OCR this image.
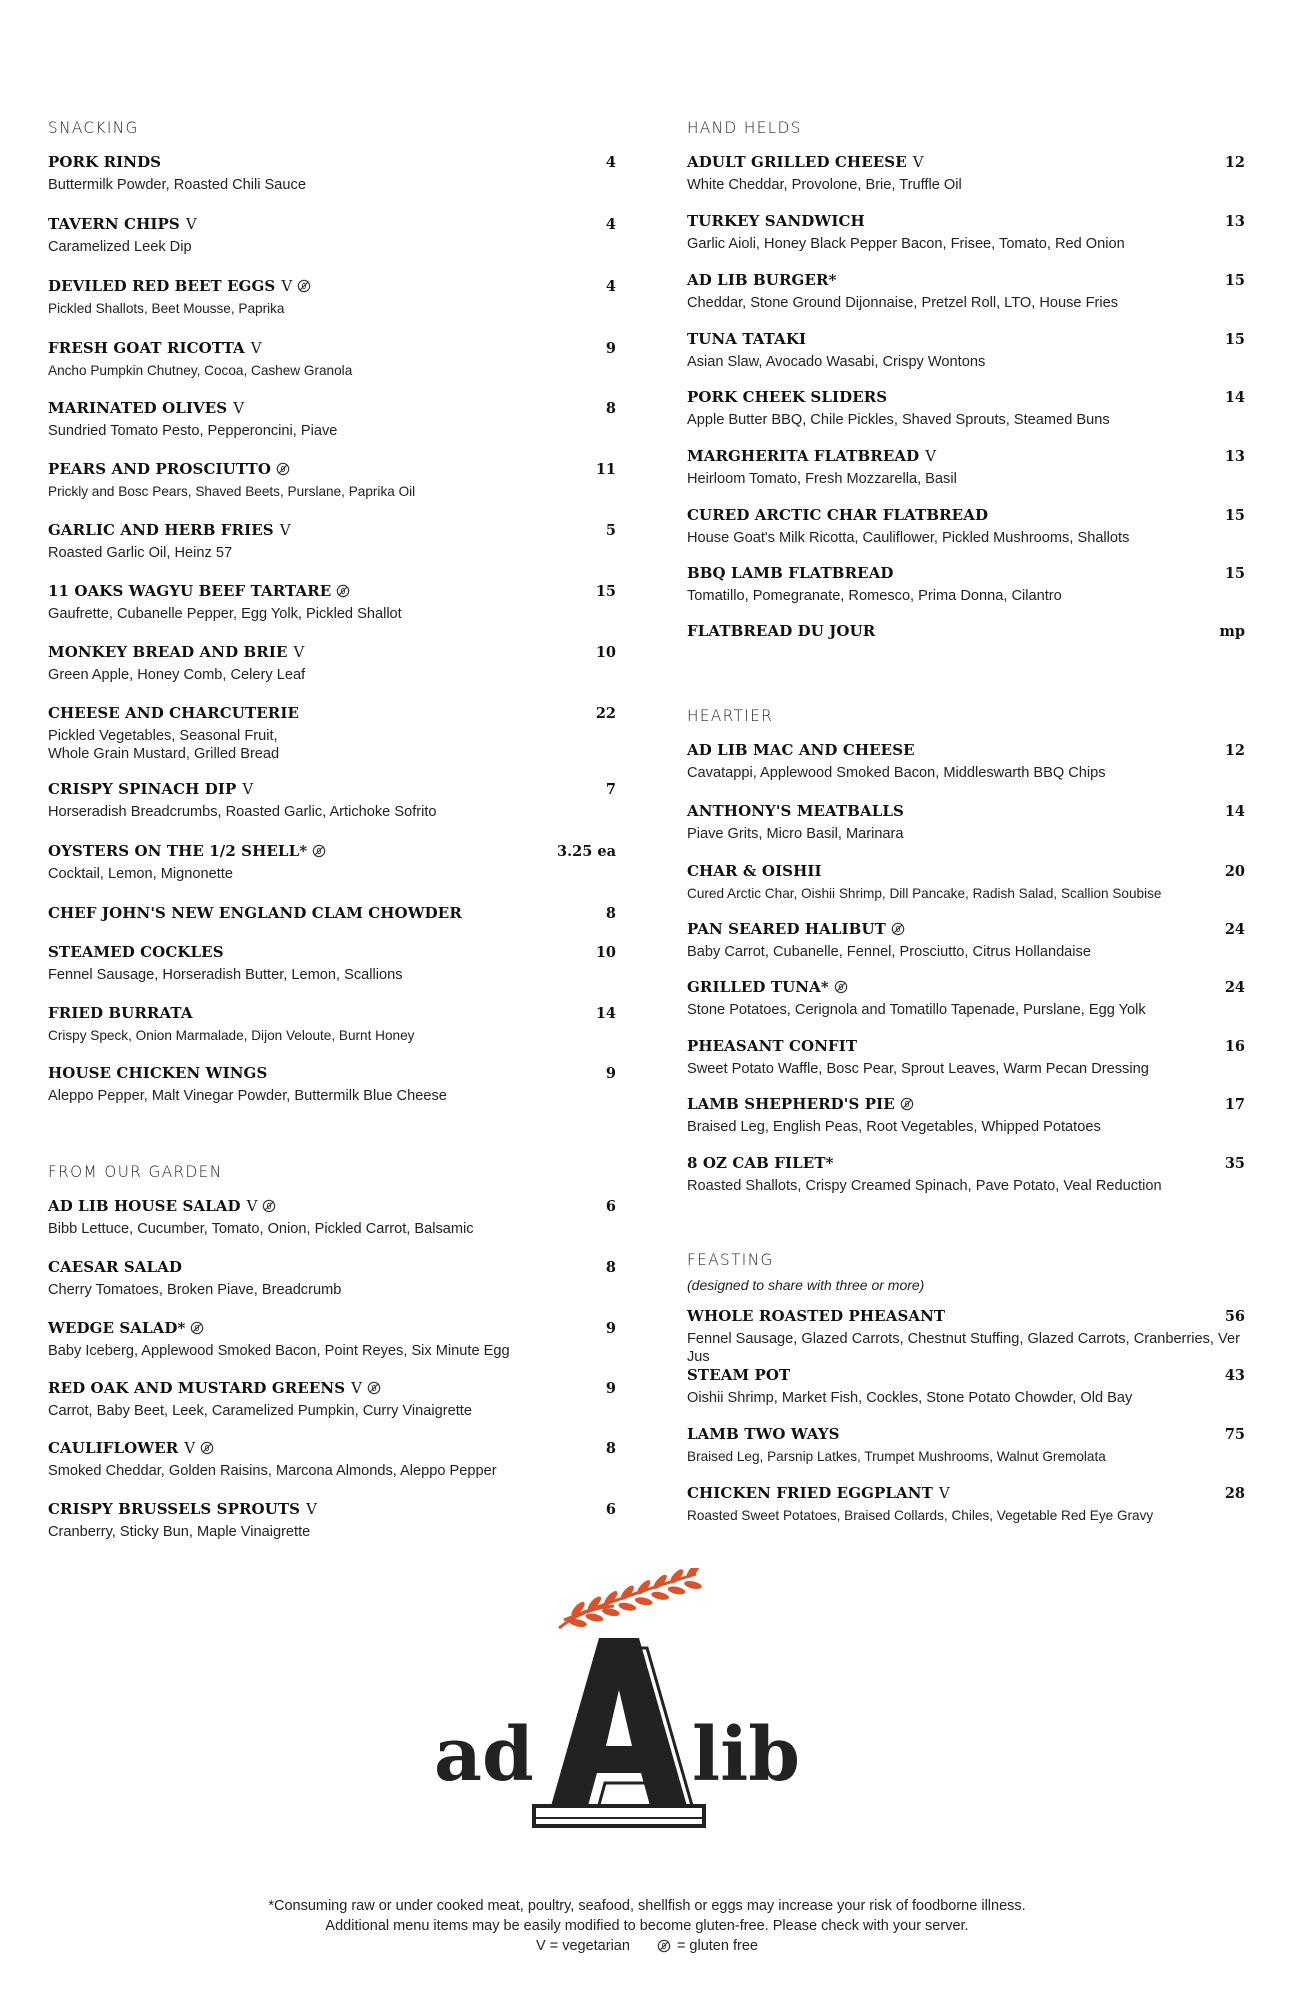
SNACKING
PORK RINDS	4
Buttermilk Powder, Roasted Chili Sauce
TAVERN CHIPS V	4
Caramelized Leek Dip
DEVILED RED BEET EGGS V	4
Pickled Shallots, Beet Mousse, Paprika
FRESH GOAT RICOTTA V	9
Ancho Pumpkin Chutney, Cocoa, Cashew Granola
MARINATED OLIVES V	8
Sundried Tomato Pesto, Pepperoncini, Piave
PEARS AND PROSCIUTTO	11
Prickly and Bosc Pears, Shaved Beets, Purslane, Paprika Oil
GARLIC AND HERB FRIES V	5
Roasted Garlic Oil, Heinz 57
11 OAKS WAGYU BEEF TARTARE	15
Gaufrette, Cubanelle Pepper, Egg Yolk, Pickled Shallot
MONKEY BREAD AND BRIE V	10
Green Apple, Honey Comb, Celery Leaf
CHEESE AND CHARCUTERIE	22
Pickled Vegetables, Seasonal Fruit,
Whole Grain Mustard, Grilled Bread
CRISPY SPINACH DIP V	7
Horseradish Breadcrumbs, Roasted Garlic, Artichoke Sofrito
OYSTERS ON THE 1/2 SHELL*	3.25 ea
Cocktail, Lemon, Mignonette
CHEF JOHN'S NEW ENGLAND CLAM CHOWDER	8
STEAMED COCKLES	10
Fennel Sausage, Horseradish Butter, Lemon, Scallions
FRIED BURRATA	14
Crispy Speck, Onion Marmalade, Dijon Veloute, Burnt Honey
HOUSE CHICKEN WINGS	9
Aleppo Pepper, Malt Vinegar Powder, Buttermilk Blue Cheese
FROM OUR GARDEN
AD LIB HOUSE SALAD V	6
Bibb Lettuce, Cucumber, Tomato, Onion, Pickled Carrot, Balsamic
CAESAR SALAD	8
Cherry Tomatoes, Broken Piave, Breadcrumb
WEDGE SALAD*	9
Baby Iceberg, Applewood Smoked Bacon, Point Reyes, Six Minute Egg
RED OAK AND MUSTARD GREENS V	9
Carrot, Baby Beet, Leek, Caramelized Pumpkin, Curry Vinaigrette
CAULIFLOWER V	8
Smoked Cheddar, Golden Raisins, Marcona Almonds, Aleppo Pepper
CRISPY BRUSSELS SPROUTS V	6
Cranberry, Sticky Bun, Maple Vinaigrette
HAND HELDS
ADULT GRILLED CHEESE V	12
White Cheddar, Provolone, Brie, Truffle Oil
TURKEY SANDWICH	13
Garlic Aioli, Honey Black Pepper Bacon, Frisee, Tomato, Red Onion
AD LIB BURGER*	15
Cheddar, Stone Ground Dijonnaise, Pretzel Roll, LTO, House Fries
TUNA TATAKI	15
Asian Slaw, Avocado Wasabi, Crispy Wontons
PORK CHEEK SLIDERS	14
Apple Butter BBQ, Chile Pickles, Shaved Sprouts, Steamed Buns
MARGHERITA FLATBREAD V	13
Heirloom Tomato, Fresh Mozzarella, Basil
CURED ARCTIC CHAR FLATBREAD	15
House Goat's Milk Ricotta, Cauliflower, Pickled Mushrooms, Shallots
BBQ LAMB FLATBREAD	15
Tomatillo, Pomegranate, Romesco, Prima Donna, Cilantro
FLATBREAD DU JOUR	mp
HEARTIER
AD LIB MAC AND CHEESE	12
Cavatappi, Applewood Smoked Bacon, Middleswarth BBQ Chips
ANTHONY'S MEATBALLS	14
Piave Grits, Micro Basil, Marinara
CHAR & OISHII	20
Cured Arctic Char, Oishii Shrimp, Dill Pancake, Radish Salad, Scallion Soubise
PAN SEARED HALIBUT	24
Baby Carrot, Cubanelle, Fennel, Prosciutto, Citrus Hollandaise
GRILLED TUNA*	24
Stone Potatoes, Cerignola and Tomatillo Tapenade, Purslane, Egg Yolk
PHEASANT CONFIT	16
Sweet Potato Waffle, Bosc Pear, Sprout Leaves, Warm Pecan Dressing
LAMB SHEPHERD'S PIE	17
Braised Leg, English Peas, Root Vegetables, Whipped Potatoes
8 OZ CAB FILET*	35
Roasted Shallots, Crispy Creamed Spinach, Pave Potato, Veal Reduction
FEASTING
(designed to share with three or more)
WHOLE ROASTED PHEASANT	56
Fennel Sausage, Glazed Carrots, Chestnut Stuffing, Glazed Carrots, Cranberries, Ver Jus
STEAM POT	43
Oishii Shrimp, Market Fish, Cockles, Stone Potato Chowder, Old Bay
LAMB TWO WAYS	75
Braised Leg, Parsnip Latkes, Trumpet Mushrooms, Walnut Gremolata
CHICKEN FRIED EGGPLANT V	28
Roasted Sweet Potatoes, Braised Collards, Chiles, Vegetable Red Eye Gravy
ad lib
*Consuming raw or under cooked meat, poultry, seafood, shellfish or eggs may increase your risk of foodborne illness.
Additional menu items may be easily modified to become gluten-free. Please check with your server.
V = vegetarian	= gluten free
